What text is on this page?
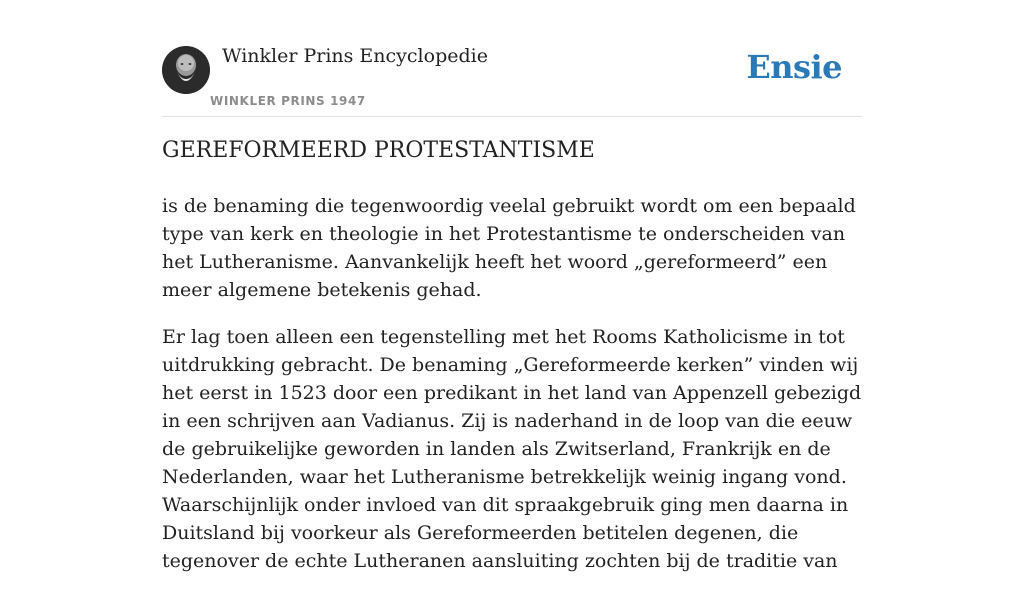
Winkler Prins Encyclopedie
WINKLER PRINS 1947
Ensie
GEREFORMEERD PROTESTANTISME

is de benaming die tegenwoordig veelal gebruikt wordt om een bepaald type van kerk en theologie in het Protestantisme te onderscheiden van het Lutheranisme. Aanvankelijk heeft het woord „gereformeerd” een meer algemene betekenis gehad.

Er lag toen alleen een tegenstelling met het Rooms Katholicisme in tot uitdrukking gebracht. De benaming „Gereformeerde kerken” vinden wij het eerst in 1523 door een predikant in het land van Appenzell gebezigd in een schrijven aan Vadianus. Zij is naderhand in de loop van die eeuw de gebruikelijke geworden in landen als Zwitserland, Frankrijk en de Nederlanden, waar het Lutheranisme betrekkelijk weinig ingang vond. Waarschijnlijk onder invloed van dit spraakgebruik ging men daarna in Duitsland bij voorkeur als Gereformeerden betitelen degenen, die tegenover de echte Lutheranen aansluiting zochten bij de traditie van
